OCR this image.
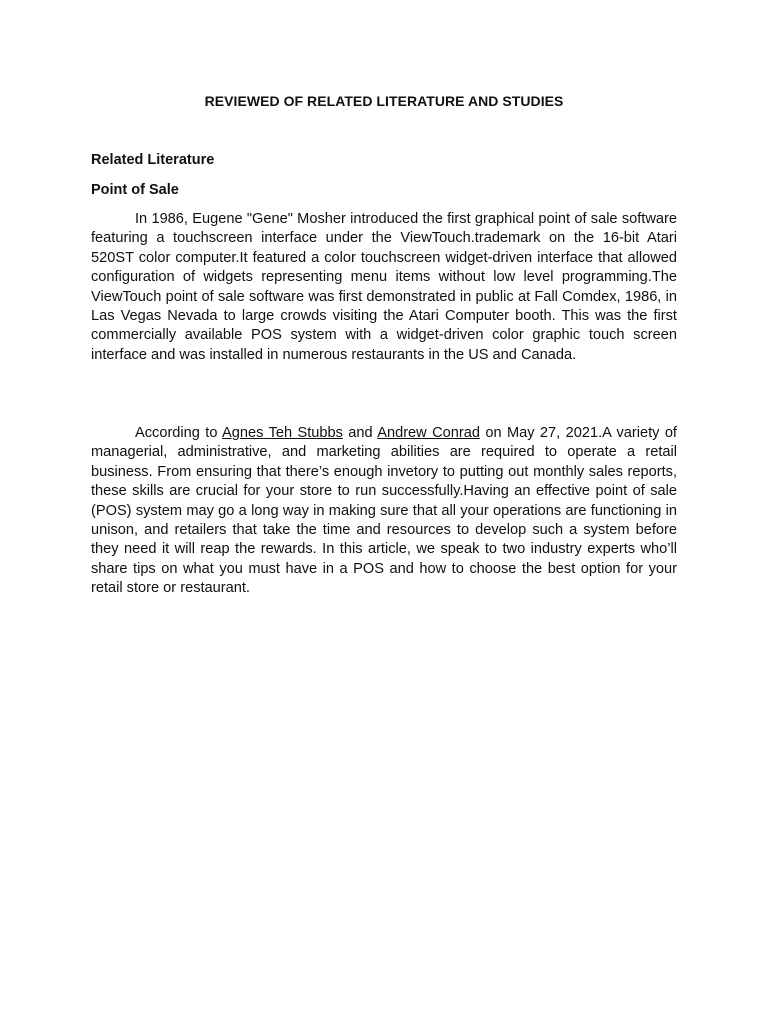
REVIEWED OF RELATED LITERATURE AND STUDIES
Related Literature
Point of Sale

In 1986, Eugene "Gene" Mosher introduced the first graphical point of sale software featuring a touchscreen interface under the ViewTouch.trademark on the 16-bit Atari 520ST color computer.It featured a color touchscreen widget-driven interface that allowed configuration of widgets representing menu items without low level programming.The ViewTouch point of sale software was first demonstrated in public at Fall Comdex, 1986, in Las Vegas Nevada to large crowds visiting the Atari Computer booth. This was the first commercially available POS system with a widget-driven color graphic touch screen interface and was installed in numerous restaurants in the US and Canada.

According to Agnes Teh Stubbs and Andrew Conrad on May 27, 2021.A variety of managerial, administrative, and marketing abilities are required to operate a retail business. From ensuring that there’s enough invetory to putting out monthly sales reports, these skills are crucial for your store to run successfully.Having an effective point of sale (POS) system may go a long way in making sure that all your operations are functioning in unison, and retailers that take the time and resources to develop such a system before they need it will reap the rewards. In this article, we speak to two industry experts who’ll share tips on what you must have in a POS and how to choose the best option for your retail store or restaurant.
